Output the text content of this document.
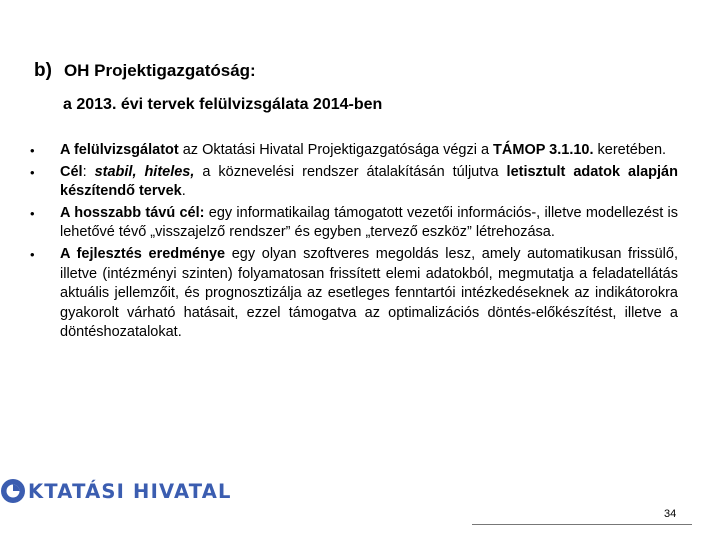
b) OH Projektigazgatóság:
a 2013. évi tervek felülvizsgálata 2014-ben
• A felülvizsgálatot az Oktatási Hivatal Projektigazgatósága végzi a TÁMOP 3.1.10. keretében.
• Cél: stabil, hiteles, a köznevelési rendszer átalakításán túljutva letisztult adatok alapján készítendő tervek.
• A hosszabb távú cél: egy informatikailag támogatott vezetői információs-, illetve modellezést is lehetővé tévő „visszajelző rendszer” és egyben „tervező eszköz” létrehozása.
• A fejlesztés eredménye egy olyan szoftveres megoldás lesz, amely automatikusan frissülő, illetve (intézményi szinten) folyamatosan frissített elemi adatokból, megmutatja a feladatellátás aktuális jellemzőit, és prognosztizálja az esetleges fenntartói intézkedéseknek az indikátorokra gyakorolt várható hatásait, ezzel támogatva az optimalizációs döntés-előkészítést, illetve a döntéshozatalokat.
KTATÁSI HIVATAL
34
